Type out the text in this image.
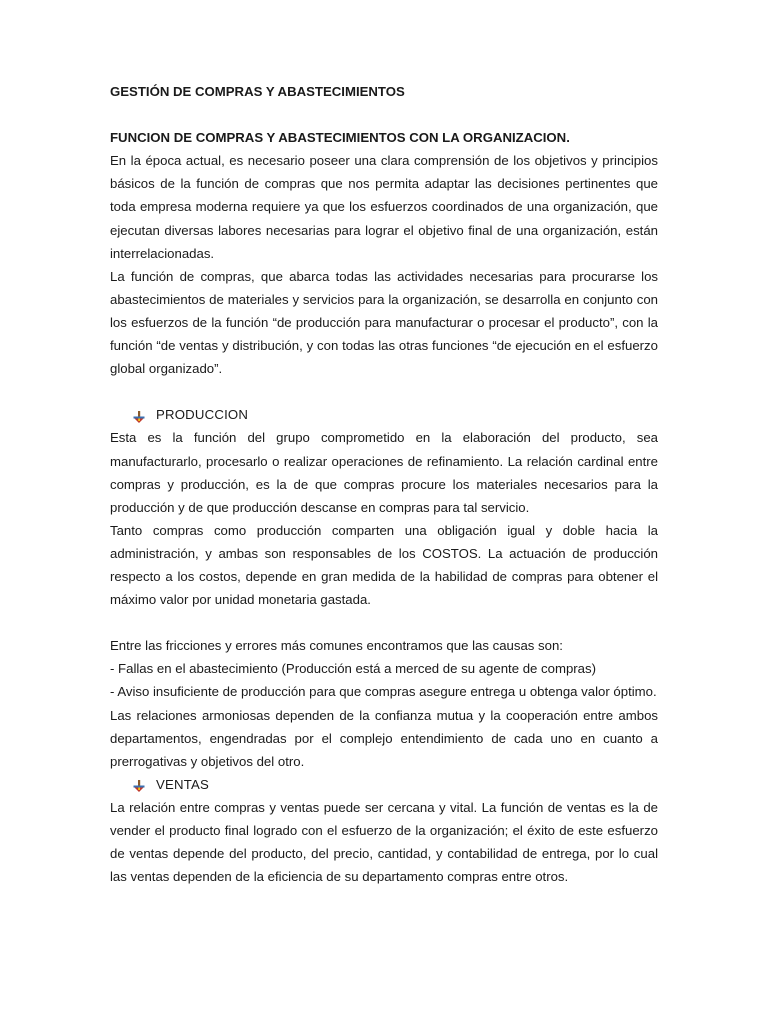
GESTIÓN DE COMPRAS Y ABASTECIMIENTOS

FUNCION DE COMPRAS Y ABASTECIMIENTOS CON LA ORGANIZACION.

En la época actual, es necesario poseer una clara comprensión de los objetivos y principios básicos de la función de compras que nos permita adaptar las decisiones pertinentes que toda empresa moderna requiere ya que los esfuerzos coordinados de una organización, que ejecutan diversas labores necesarias para lograr el objetivo final de una organización, están interrelacionadas.

La función de compras, que abarca todas las actividades necesarias para procurarse los abastecimientos de materiales y servicios para la organización, se desarrolla en conjunto con los esfuerzos de la función “de producción para manufacturar o procesar el producto”, con la función “de ventas y distribución, y con todas las otras funciones “de ejecución en el esfuerzo global organizado”.

PRODUCCION

Esta es la función del grupo comprometido en la elaboración del producto, sea manufacturarlo, procesarlo o realizar operaciones de refinamiento. La relación cardinal entre compras y producción, es la de que compras procure los materiales necesarios para la producción y de que producción descanse en compras para tal servicio.

Tanto compras como producción comparten una obligación igual y doble hacia la administración, y ambas son responsables de los COSTOS. La actuación de producción respecto a los costos, depende en gran medida de la habilidad de compras para obtener el máximo valor por unidad monetaria gastada.

Entre las fricciones y errores más comunes encontramos que las causas son:

- Fallas en el abastecimiento (Producción está a merced de su agente de compras)

- Aviso insuficiente de producción para que compras asegure entrega u obtenga valor óptimo.

Las relaciones armoniosas dependen de la confianza mutua y la cooperación entre ambos departamentos, engendradas por el complejo entendimiento de cada uno en cuanto a prerrogativas y objetivos del otro.

VENTAS

La relación entre compras y ventas puede ser cercana y vital. La función de ventas es la de vender el producto final logrado con el esfuerzo de la organización; el éxito de este esfuerzo de ventas depende del producto, del precio, cantidad, y contabilidad de entrega, por lo cual las ventas dependen de la eficiencia de su departamento compras entre otros.
